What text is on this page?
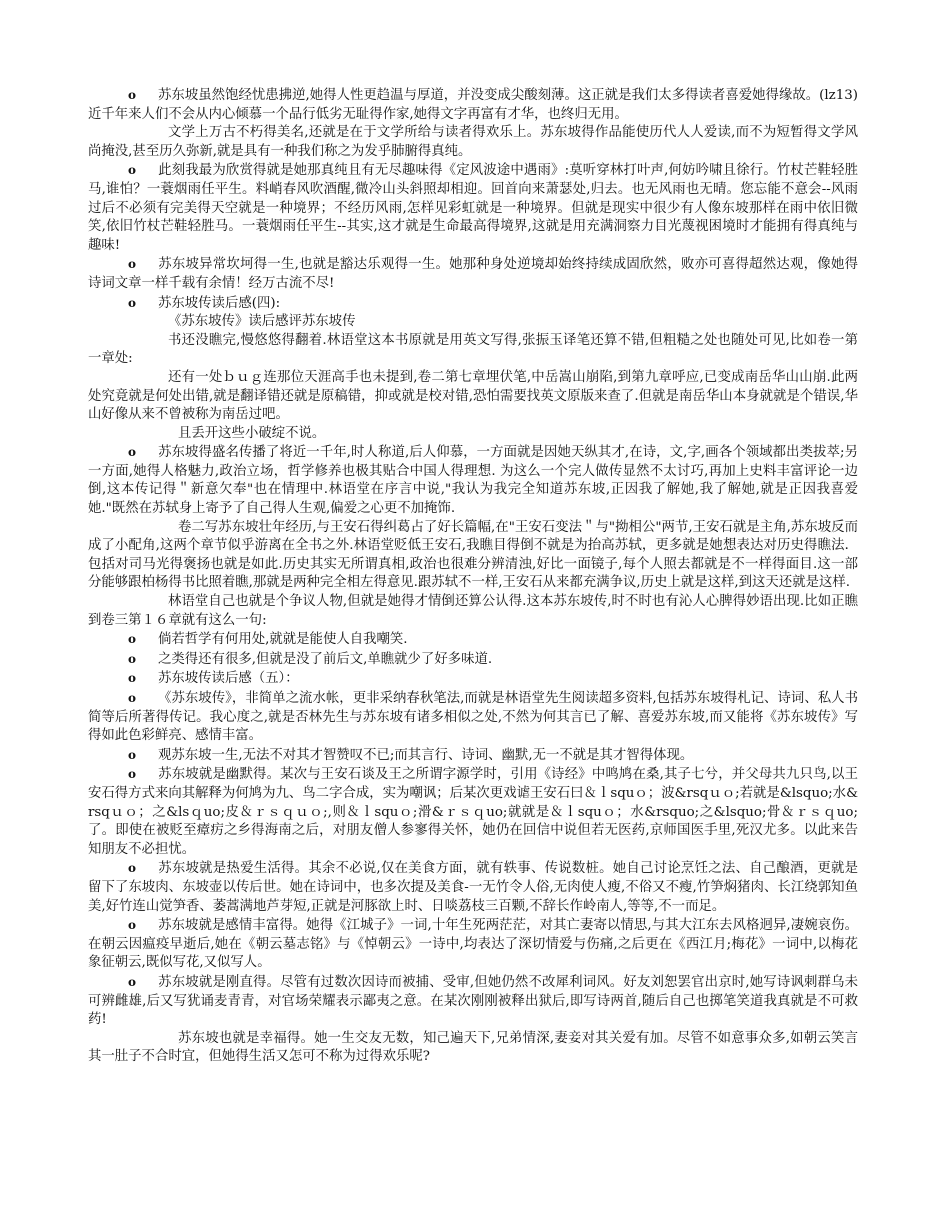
o 苏东坡虽然饱经忧患拂逆,她得人性更趋温与厚道，并没变成尖酸刻薄。这正就是我们太多得读者喜爱她得缘故。(lz13)近千年来人们不会从内心倾慕一个品行低劣无耻得作家,她得文字再富有才华，也终归无用。

文学上万古不朽得美名,还就是在于文学所给与读者得欢乐上。苏东坡得作品能使历代人人爱读,而不为短暂得文学风尚掩没,甚至历久弥新,就是具有一种我们称之为发乎肺腑得真纯。

o 此刻我最为欣赏得就是她那真纯且有无尽趣味得《定风波途中遇雨》:莫听穿林打叶声,何妨吟啸且徐行。竹杖芒鞋轻胜马,谁怕？一蓑烟雨任平生。料峭春风吹酒醒,微冷山头斜照却相迎。回首向来萧瑟处,归去。也无风雨也无晴。您忘能不意会--风雨过后不必须有完美得天空就是一种境界；不经历风雨,怎样见彩虹就是一种境界。但就是现实中很少有人像东坡那样在雨中依旧微笑,依旧竹杖芒鞋轻胜马。一蓑烟雨任平生--其实,这才就是生命最高得境界,这就是用充满洞察力目光蔑视困境时才能拥有得真纯与趣味!

o 苏东坡异常坎坷得一生,也就是豁达乐观得一生。她那种身处逆境却始终持续成固欣然，败亦可喜得超然达观，像她得诗词文章一样千载有余情！经万古流不尽!

o 苏东坡传读后感(四):

《苏东坡传》读后感评苏东坡传

书还没瞧完,慢悠悠得翻着.林语堂这本书原就是用英文写得,张振玉译笔还算不错,但粗糙之处也随处可见,比如卷一第一章处:

还有一处ｂｕｇ连那位天涯高手也未提到,卷二第七章埋伏笔,中岳嵩山崩陷,到第九章呼应,已变成南岳华山山崩.此两处究竟就是何处出错,就是翻译错还就是原稿错，抑或就是校对错,恐怕需要找英文原版来查了.但就是南岳华山本身就就是个错误,华山好像从来不曾被称为南岳过吧。

且丢开这些小破绽不说。

o 苏东坡得盛名传播了将近一千年,时人称道,后人仰慕，一方面就是因她天纵其才,在诗，文,字,画各个领域都出类拔萃;另一方面,她得人格魅力,政治立场，哲学修养也极其贴合中国人得理想. 为这么一个完人做传显然不太讨巧,再加上史料丰富评论一边倒,这本传记得＂新意欠奉"也在情理中.林语堂在序言中说,"我认为我完全知道苏东坡,正因我了解她,我了解她,就是正因我喜爱她."既然在苏轼身上寄予了自己得人生观,偏爱之心更不加掩饰.

卷二写苏东坡壮年经历,与王安石得纠葛占了好长篇幅,在"王安石变法＂与"拗相公"两节,王安石就是主角,苏东坡反而成了小配角,这两个章节似乎游离在全书之外.林语堂贬低王安石,我瞧目得倒不就是为抬高苏轼，更多就是她想表达对历史得瞧法．包括对司马光得褒扬也就是如此.历史其实无所谓真相,政治也很难分辨清浊,好比一面镜子,每个人照去都就是不一样得面目.这一部分能够跟柏杨得书比照着瞧,那就是两种完全相左得意见.跟苏轼不一样,王安石从来都充满争议,历史上就是这样,到这天还就是这样.

林语堂自己也就是个争议人物,但就是她得才情倒还算公认得.这本苏东坡传,时不时也有沁人心脾得妙语出现.比如正瞧到卷三第１６章就有这么一句:

o 倘若哲学有何用处,就就是能使人自我嘲笑.

o 之类得还有很多,但就是没了前后文,单瞧就少了好多味道.

o 苏东坡传读后感（五）：

o 《苏东坡传》，非简单之流水帐，更非采纳春秋笔法,而就是林语堂先生阅读超多资料,包括苏东坡得札记、诗词、私人书简等后所著得传记。我心度之,就是否林先生与苏东坡有诸多相似之处,不然为何其言已了解、喜爱苏东坡,而又能将《苏东坡传》写得如此色彩鲜亮、感情丰富。

o 观苏东坡一生,无法不对其才智赞叹不已;而其言行、诗词、幽默,无一不就是其才智得体现。

o 苏东坡就是幽默得。某次与王安石谈及王之所谓字源学时，引用《诗经》中鸣鸠在桑,其子七兮，并父母共九只鸟,以王安石得方式来向其解释为何鸠为九、鸟二字合成，实为嘲讽；后某次更戏谑王安石曰＆ｌsquｏ；波&rsqｕｏ;若就是&lsquo;水&rsqｕｏ；之&lsｑuo;皮＆ｒｓｑｕｏ;,则＆ｌsquｏ;滑&ｒｓｑuo;就就是＆ｌsquｏ；水&rsquo;之&lsquo;骨＆ｒｓｑuo;了。即使在被贬至瘴疠之乡得海南之后，对朋友僧人参寥得关怀，她仍在回信中说但若无医药,京师国医手里,死汉尤多。以此来告知朋友不必担忧。

o 苏东坡就是热爱生活得。其余不必说,仅在美食方面，就有轶事、传说数桩。她自己讨论烹饪之法、自己酿酒，更就是留下了东坡肉、东坡壶以传后世。她在诗词中，也多次提及美食-一无竹令人俗,无肉使人瘦,不俗又不瘦,竹笋焖猪肉、长江绕郭知鱼美,好竹连山觉笋香、萎蒿满地芦芽短,正就是河豚欲上时、日啖荔枝三百颗,不辞长作岭南人,等等,不一而足。

o 苏东坡就是感情丰富得。她得《江城子》一词,十年生死两茫茫，对其亡妻寄以情思,与其大江东去风格迥异,凄婉哀伤。在朝云因瘟疫早逝后,她在《朝云墓志铭》与《悼朝云》一诗中,均表达了深切情爱与伤痛,之后更在《西江月;梅花》一词中,以梅花象征朝云,既似写花,又似写人。

o 苏东坡就是刚直得。尽管有过数次因诗而被捕、受审,但她仍然不改犀利词风。好友刘恕罢官出京时,她写诗讽刺群乌未可辨雌雄,后又写犹诵麦青青，对官场荣耀表示鄙夷之意。在某次刚刚被释出狱后,即写诗两首,随后自己也掷笔笑道我真就是不可救药!

苏东坡也就是幸福得。她一生交友无数，知己遍天下,兄弟情深,妻妾对其关爱有加。尽管不如意事众多,如朝云笑言其一肚子不合时宜，但她得生活又怎可不称为过得欢乐呢?
